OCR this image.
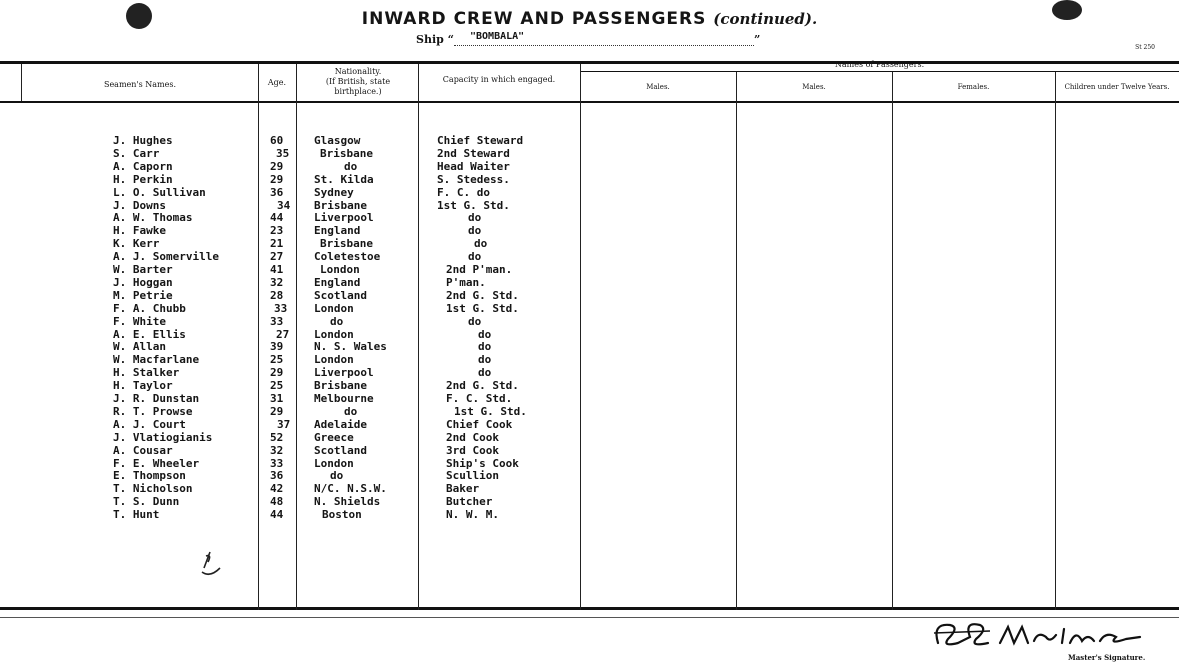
INWARD CREW AND PASSENGERS (continued).
Ship “ "BOMBALA"	”
St 250
Seamen's Names.	Age.
Nationality.
(If British, state birthplace.)
Capacity in which engaged.
Names of Passengers.
Males.	Males.	Females.	Children under Twelve Years.
J. Hughes	60	Glasgow	Chief Steward
S. Carr	35	Brisbane	2nd Steward
A. Caporn	29	do	Head Waiter
H. Perkin	29	St. Kilda	S. Stedess.
L. O. Sullivan	36	Sydney	F. C. do
J. Downs	34 Brisbane	1st G. Std.
A. W. Thomas	44	Liverpool	do
H. Fawke	23	England	do
K. Kerr	21	Brisbane	do
A. J. Somerville	27	Coletestoe	do
W. Barter	41	London	2nd P'man.
J. Hoggan	32	England	P'man.
M. Petrie	28	Scotland	2nd G. Std.
F. A. Chubb	33 London	1st G. Std.
F. White	33	do	do
A. E. Ellis	27 London	do
W. Allan	39	N. S. Wales	do
W. Macfarlane	25	London	do
H. Stalker	29	Liverpool	do
H. Taylor	25	Brisbane	2nd G. Std.
J. R. Dunstan	31	Melbourne	F. C. Std.
R. T. Prowse	29	do	1st G. Std.
A. J. Court	37 Adelaide	Chief Cook
J. Vlatiogianis	52	Greece	2nd Cook
A. Cousar	32	Scotland	3rd Cook
F. E. Wheeler	33	London	Ship's Cook
E. Thompson	36	do	Scullion
T. Nicholson	42	N/C. N.S.W.	Baker
T. S. Dunn	48	N. Shields	Butcher
T. Hunt	44	Boston	N. W. M.
Master's Signature.
